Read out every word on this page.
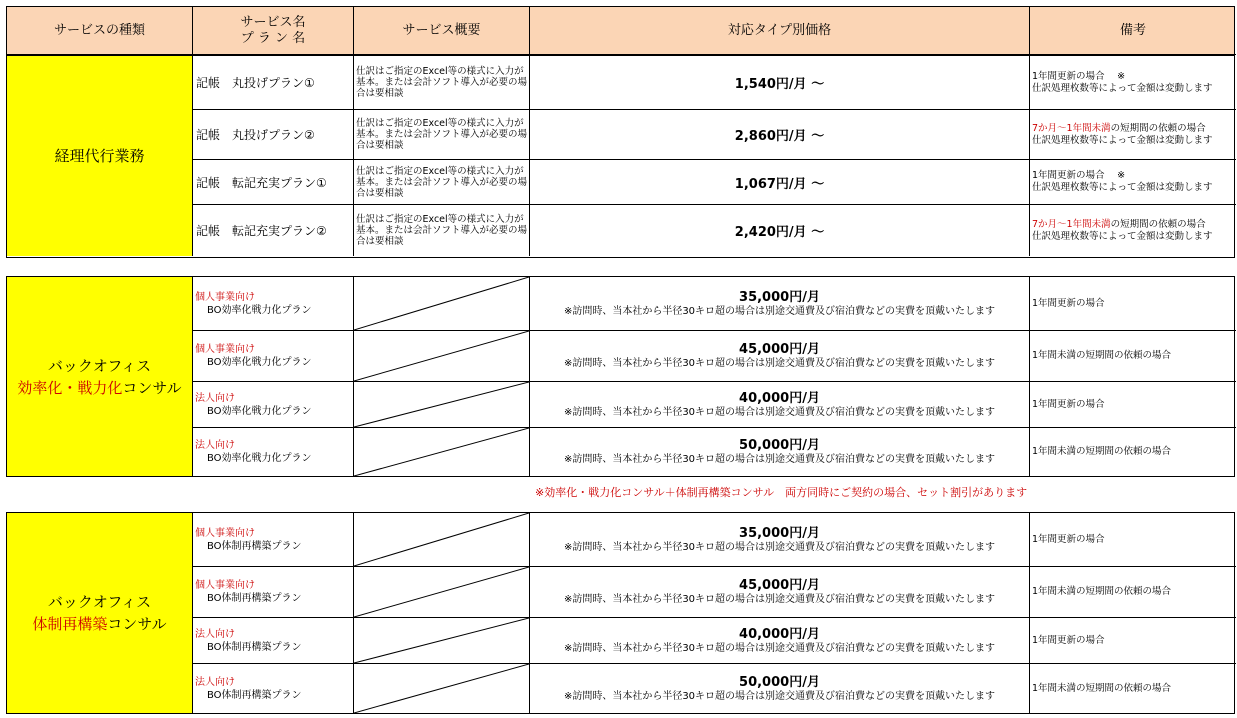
サービスの種類
サービス名
プ ラ ン 名
サービス概要	対応タイプ別価格	備考
経理代行業務
記帳　丸投げプラン①
仕訳はご指定のExcel等の様式に入力が
基本。または会計ソフト導入が必要の場
合は要相談
1,540円/月 ～
1年間更新の場合　 ※
仕訳処理枚数等によって金額は変動します
記帳　丸投げプラン②
仕訳はご指定のExcel等の様式に入力が
基本。または会計ソフト導入が必要の場
合は要相談
2,860円/月 ～
7か月～1年間未満の短期間の依頼の場合
仕訳処理枚数等によって金額は変動します
記帳　転記充実プラン①
仕訳はご指定のExcel等の様式に入力が
基本。または会計ソフト導入が必要の場
合は要相談
1,067円/月 ～
1年間更新の場合　 ※
仕訳処理枚数等によって金額は変動します
記帳　転記充実プラン②
仕訳はご指定のExcel等の様式に入力が
基本。または会計ソフト導入が必要の場
合は要相談
2,420円/月 ～
7か月～1年間未満の短期間の依頼の場合
仕訳処理枚数等によって金額は変動します
バックオフィス
効率化・戦力化コンサル
個人事業向け
BO効率化戦力化プラン
35,000円/月
※訪問時、当本社から半径30キロ超の場合は別途交通費及び宿泊費などの実費を頂戴いたします
1年間更新の場合
個人事業向け
BO効率化戦力化プラン
45,000円/月
※訪問時、当本社から半径30キロ超の場合は別途交通費及び宿泊費などの実費を頂戴いたします
1年間未満の短期間の依頼の場合
法人向け
BO効率化戦力化プラン
40,000円/月
※訪問時、当本社から半径30キロ超の場合は別途交通費及び宿泊費などの実費を頂戴いたします
1年間更新の場合
法人向け
BO効率化戦力化プラン
50,000円/月
※訪問時、当本社から半径30キロ超の場合は別途交通費及び宿泊費などの実費を頂戴いたします
1年間未満の短期間の依頼の場合
※効率化・戦力化コンサル＋体制再構築コンサル　両方同時にご契約の場合、セット割引があります
バックオフィス
体制再構築コンサル
個人事業向け
BO体制再構築プラン
35,000円/月
※訪問時、当本社から半径30キロ超の場合は別途交通費及び宿泊費などの実費を頂戴いたします
1年間更新の場合
個人事業向け
BO体制再構築プラン
45,000円/月
※訪問時、当本社から半径30キロ超の場合は別途交通費及び宿泊費などの実費を頂戴いたします
1年間未満の短期間の依頼の場合
法人向け
BO体制再構築プラン
40,000円/月
※訪問時、当本社から半径30キロ超の場合は別途交通費及び宿泊費などの実費を頂戴いたします
1年間更新の場合
法人向け
BO体制再構築プラン
50,000円/月
※訪問時、当本社から半径30キロ超の場合は別途交通費及び宿泊費などの実費を頂戴いたします
1年間未満の短期間の依頼の場合
